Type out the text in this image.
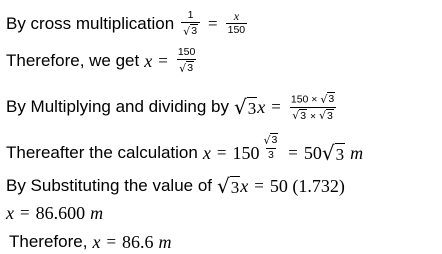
By cross multiplication $\frac{1}{√ 3} = \frac{x}{150}$
Therefore, we get $x = \frac{150}{√ 3}$
By Multiplying and dividing by √ 3 $x = \frac{150 \times √ 3}{√ 3 \times √ 3}$
Thereafter the calculation $x = 150 \frac{√ 3}{3} = 50$ √ 3 m
By Substituting the value of √ 3 x = 50 (1.732)
x = 86.600 m
Therefore, x = 86.6 m
